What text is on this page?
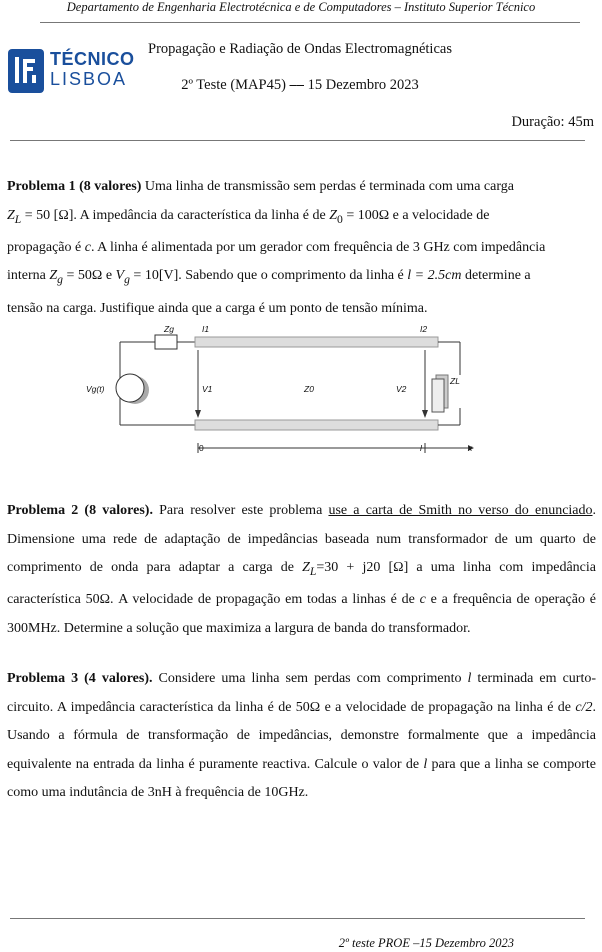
Departamento de Engenharia Electrotécnica e de Computadores – Instituto Superior Técnico
TÉCNICO
LISBOA
Propagação e Radiação de Ondas Electromagnéticas
2º Teste (MAP45) ⎯⎯ 15 Dezembro 2023
Duração: 45m
Problema 1 (8 valores) Uma linha de transmissão sem perdas é terminada com uma carga
$Z_L = 50$ [Ω]. A impedância da característica da linha é de $Z_0 = 100\Omega$ e a velocidade de
propagação é c. A linha é alimentada por um gerador com frequência de 3 GHz com impedância
interna $Z_g = 50\Omega$ e $V_g = 10[V]$. Sabendo que o comprimento da linha é l = 2.5cm determine a
tensão na carga. Justifique ainda que a carga é um ponto de tensão mínima.
Zg	I1	I2
Vg(t)	V1	Z0	V2
ZL
0	l	x
Problema 2 (8 valores). Para resolver este problema use a carta de Smith no verso do enunciado. Dimensione uma rede de adaptação de impedâncias baseada num transformador de um quarto de comprimento de onda para adaptar a carga de $Z_L=30 + j20$ [Ω] a uma linha com impedância característica 50Ω. A velocidade de propagação em todas a linhas é de c e a frequência de operação é 300MHz. Determine a solução que maximiza a largura de banda do transformador.
Problema 3 (4 valores). Considere uma linha sem perdas com comprimento l terminada em curto-circuito. A impedância característica da linha é de 50Ω e a velocidade de propagação na linha é de c/2. Usando a fórmula de transformação de impedâncias, demonstre formalmente que a impedância equivalente na entrada da linha é puramente reactiva. Calcule o valor de l para que a linha se comporte como uma indutância de 3nH à frequência de 10GHz.
2º teste PROE –15 Dezembro 2023
